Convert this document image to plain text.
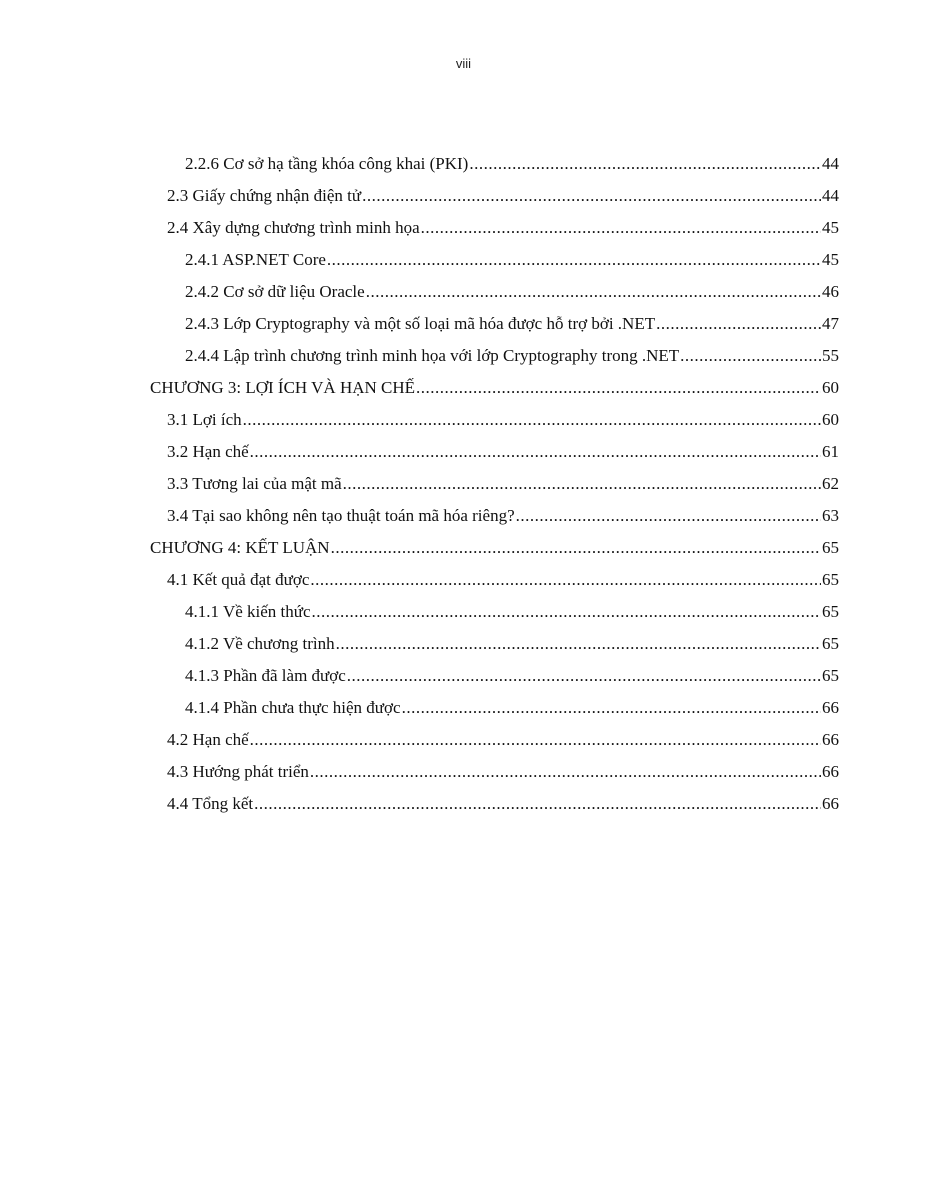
viii
2.2.6 Cơ sở hạ tầng khóa công khai (PKI) .....	44
2.3 Giấy chứng nhận điện tử .....	44
2.4 Xây dựng chương trình minh họa .....	45
2.4.1 ASP.NET Core .....	45
2.4.2 Cơ sở dữ liệu Oracle .....	46
2.4.3 Lớp Cryptography và một số loại mã hóa được hỗ trợ bởi .NET .....	47
2.4.4 Lập trình chương trình minh họa với lớp Cryptography trong .NET .....	55
CHƯƠNG 3: LỢI ÍCH VÀ HẠN CHẾ .....	60
3.1 Lợi ích .....	60
3.2 Hạn chế .....	61
3.3 Tương lai của mật mã .....	62
3.4 Tại sao không nên tạo thuật toán mã hóa riêng? .....	63
CHƯƠNG 4: KẾT LUẬN .....	65
4.1 Kết quả đạt được .....	65
4.1.1 Về kiến thức .....	65
4.1.2 Về chương trình .....	65
4.1.3 Phần đã làm được .....	65
4.1.4 Phần chưa thực hiện được .....	66
4.2 Hạn chế .....	66
4.3 Hướng phát triển .....	66
4.4 Tổng kết .....	66
